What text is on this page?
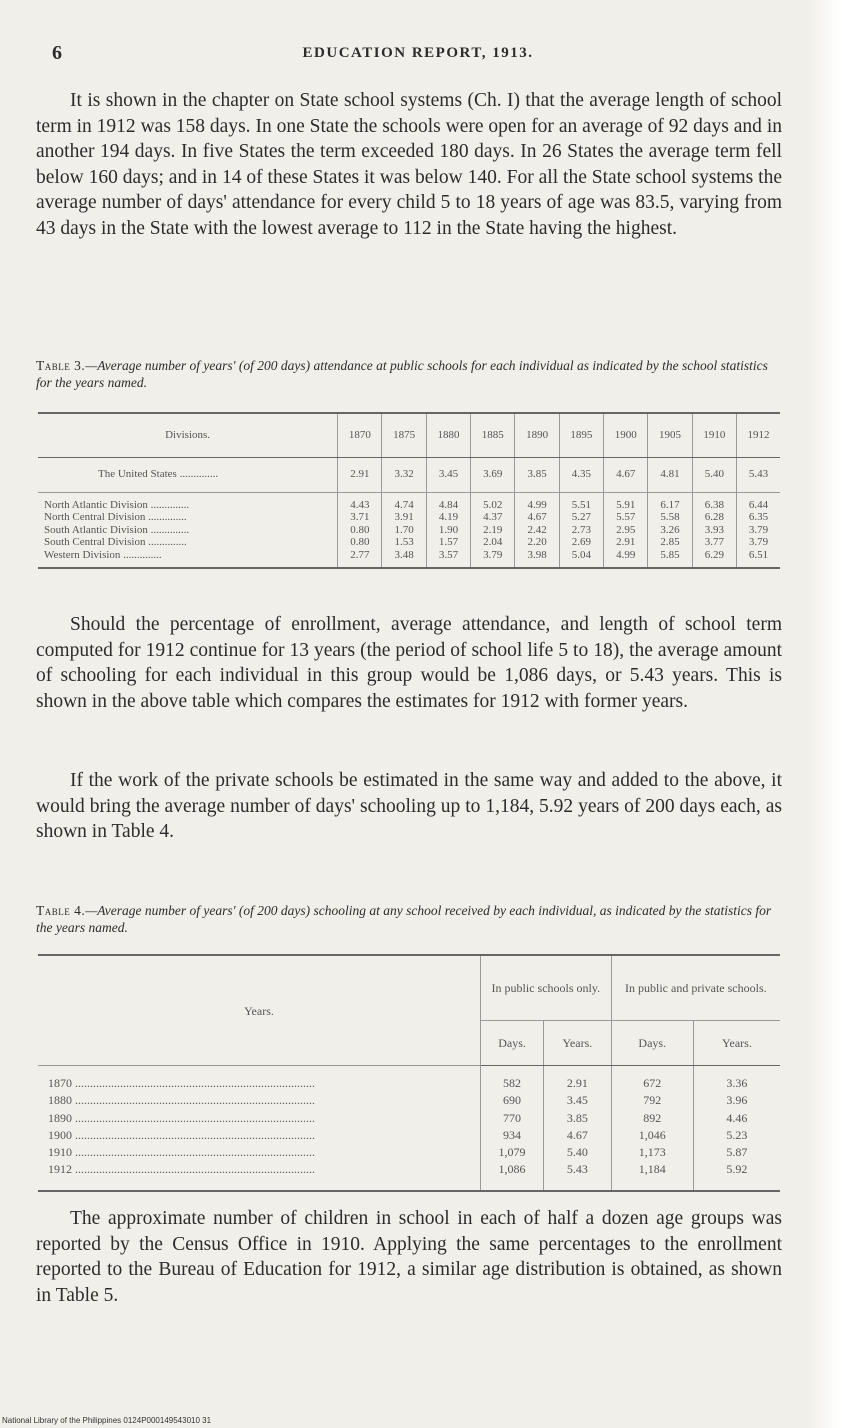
6	EDUCATION REPORT, 1913.

It is shown in the chapter on State school systems (Ch. I) that the average length of school term in 1912 was 158 days. In one State the schools were open for an average of 92 days and in another 194 days. In five States the term exceeded 180 days. In 26 States the average term fell below 160 days; and in 14 of these States it was below 140. For all the State school systems the average number of days' attendance for every child 5 to 18 years of age was 83.5, varying from 43 days in the State with the lowest average to 112 in the State having the highest.

Table 3.—Average number of years' (of 200 days) attendance at public schools for each individual as indicated by the school statistics for the years named.

Divisions.	1870	1875	1880	1885	1890	1895	1900	1905	1910	1912
The United States ..............	2.91	3.32	3.45	3.69	3.85	4.35	4.67	4.81	5.40	5.43
North Atlantic Division ..............	4.43	4.74	4.84	5.02	4.99	5.51	5.91	6.17	6.38	6.44
North Central Division ..............	3.71	3.91	4.19	4.37	4.67	5.27	5.57	5.58	6.28	6.35
South Atlantic Division ..............	0.80	1.70	1.90	2.19	2.42	2.73	2.95	3.26	3.93	3.79
South Central Division ..............	0.80	1.53	1.57	2.04	2.20	2.69	2.91	2.85	3.77	3.79
Western Division ..............	2.77	3.48	3.57	3.79	3.98	5.04	4.99	5.85	6.29	6.51

Should the percentage of enrollment, average attendance, and length of school term computed for 1912 continue for 13 years (the period of school life 5 to 18), the average amount of schooling for each individual in this group would be 1,086 days, or 5.43 years. This is shown in the above table which compares the estimates for 1912 with former years.

If the work of the private schools be estimated in the same way and added to the above, it would bring the average number of days' schooling up to 1,184, 5.92 years of 200 days each, as shown in Table 4.

Table 4.—Average number of years' (of 200 days) schooling at any school received by each individual, as indicated by the statistics for the years named.

Years.	In public schools only.		In public and private schools.	
	Days.	Years.	Days.	Years.
1870 ................................................................................	582	2.91	672	3.36
1880 ................................................................................	690	3.45	792	3.96
1890 ................................................................................	770	3.85	892	4.46
1900 ................................................................................	934	4.67	1,046	5.23
1910 ................................................................................	1,079	5.40	1,173	5.87
1912 ................................................................................	1,086	5.43	1,184	5.92

The approximate number of children in school in each of half a dozen age groups was reported by the Census Office in 1910. Applying the same percentages to the enrollment reported to the Bureau of Education for 1912, a similar age distribution is obtained, as shown in Table 5.

National Library of the Philippines 0124P000149543010 31
